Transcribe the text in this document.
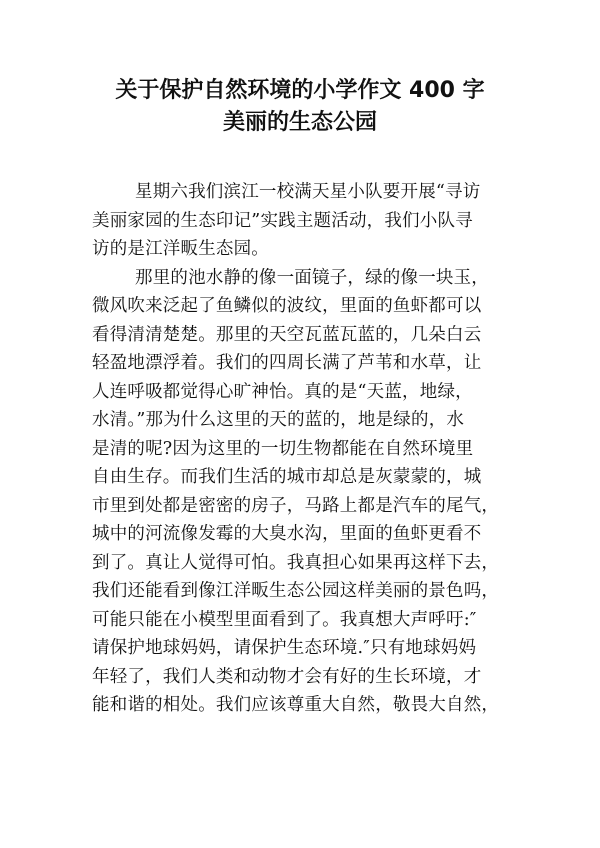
关于保护自然环境的小学作文 400 字
美丽的生态公园
星期六我们滨江一校满天星小队要开展“寻访
美丽家园的生态印记”实践主题活动，我们小队寻
访的是江洋畈生态园。
那里的池水静的像一面镜子，绿的像一块玉，
微风吹来泛起了鱼鳞似的波纹，里面的鱼虾都可以
看得清清楚楚。那里的天空瓦蓝瓦蓝的，几朵白云
轻盈地漂浮着。我们的四周长满了芦苇和水草，让
人连呼吸都觉得心旷神怡。真的是“天蓝，地绿，
水清。”那为什么这里的天的蓝的，地是绿的，水
是清的呢?因为这里的一切生物都能在自然环境里
自由生存。而我们生活的城市却总是灰蒙蒙的，城
市里到处都是密密的房子，马路上都是汽车的尾气，
城中的河流像发霉的大臭水沟，里面的鱼虾更看不
到了。真让人觉得可怕。我真担心如果再这样下去，
我们还能看到像江洋畈生态公园这样美丽的景色吗，
可能只能在小模型里面看到了。我真想大声呼吁:″
请保护地球妈妈，请保护生态环境.″只有地球妈妈
年轻了，我们人类和动物才会有好的生长环境，才
能和谐的相处。我们应该尊重大自然，敬畏大自然，
